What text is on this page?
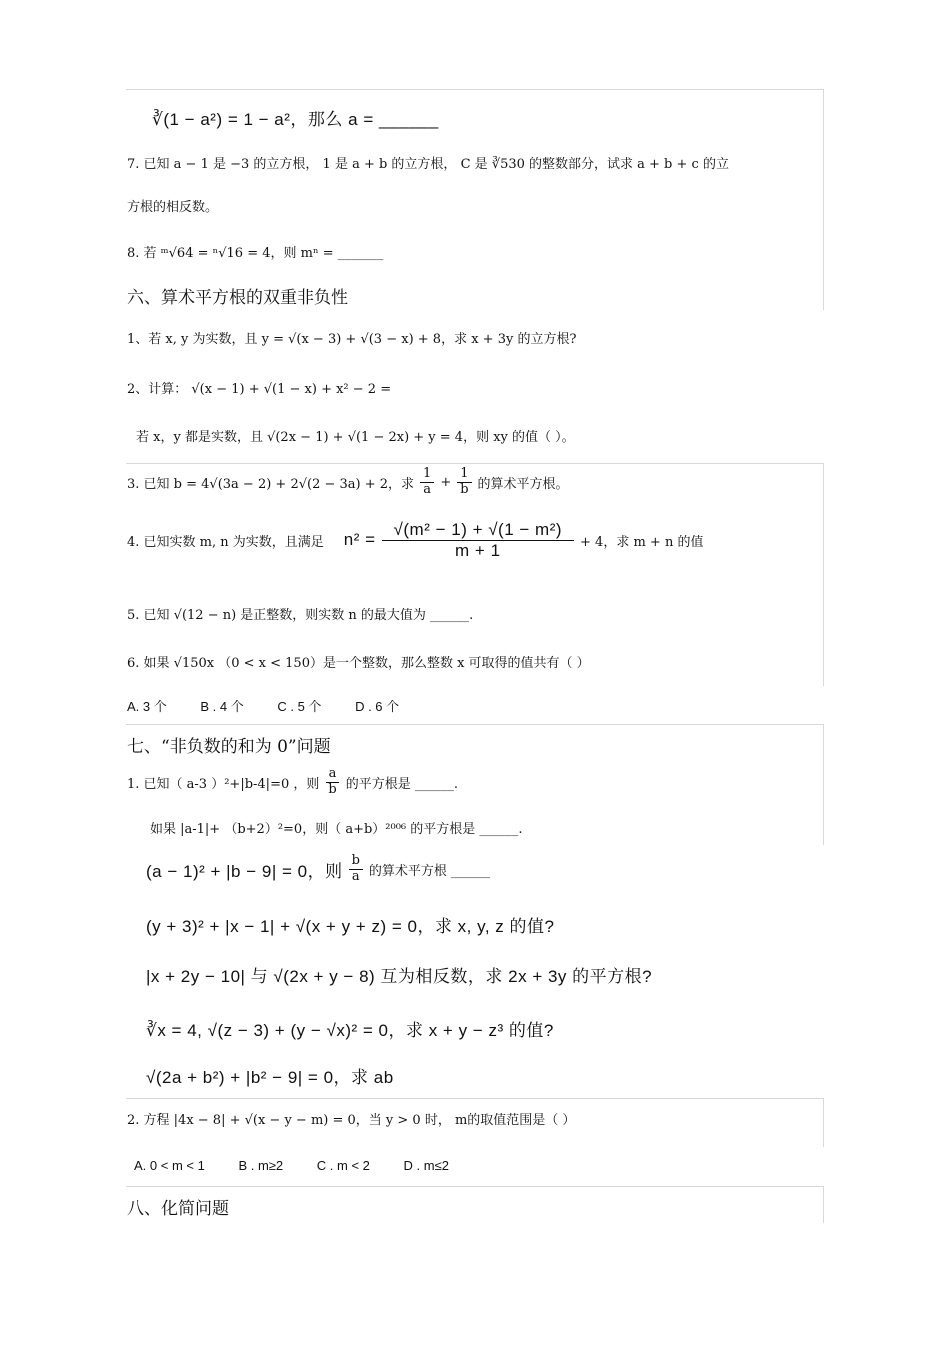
∛(1 − a²) = 1 − a²，那么 a = ______
7. 已知 a − 1 是 −3 的立方根， 1 是 a + b 的立方根， C 是 ∛530 的整数部分，试求 a + b + c 的立
方根的相反数。
8. 若 ᵐ√64 = ⁿ√16 = 4，则 mⁿ = _______
六、算术平方根的双重非负性
1、若 x, y 为实数，且 y = √(x − 3) + √(3 − x) + 8，求 x + 3y 的立方根?
2、计算： √(x − 1) + √(1 − x) + x² − 2 =
若 x，y 都是实数，且 √(2x − 1) + √(1 − 2x) + y = 4，则 xy 的值（ ）。
3. 已知 b = 4√(3a − 2) + 2√(2 − 3a) + 2，求 $\frac{1}{a} + \frac{1}{b}$ 的算术平方根。
4. 已知实数 m, n 为实数，且满足 $n^2 = \frac{\text{√(m² − 1) + √(1 − m²)}}{m + 1} + 4$，求 m + n 的值
5. 已知 √(12 − n) 是正整数，则实数 n 的最大值为 ______.
6. 如果 √150x （0 < x < 150）是一个整数，那么整数 x 可取得的值共有（ ）
A. 3 个	B . 4 个	C . 5 个	D . 6 个
七、“非负数的和为 0”问题
1. 已知（ a-3 ）²+|b-4|=0 ，则 $\frac{a}{b}$ 的平方根是 ______.
如果 |a-1|+ （b+2）²=0，则（ a+b）²⁰⁰⁶ 的平方根是 ______.
(a − 1)² + |b − 9| = 0，则 $\frac{b}{a}$ 的算术平方根 ______
(y + 3)² + |x − 1| + √(x + y + z) = 0，求 x, y, z 的值?
|x + 2y − 10| 与 √(2x + y − 8) 互为相反数，求 2x + 3y 的平方根?
∛x = 4, √(z − 3) + (y − √x)² = 0，求 x + y − z³ 的值?
√(2a + b²) + |b² − 9| = 0，求 ab
2. 方程 |4x − 8| + √(x − y − m) = 0，当 y > 0 时， m的取值范围是（ ）
A. 0 < m < 1	B . m≥2	C . m < 2	D . m≤2
八、化简问题
